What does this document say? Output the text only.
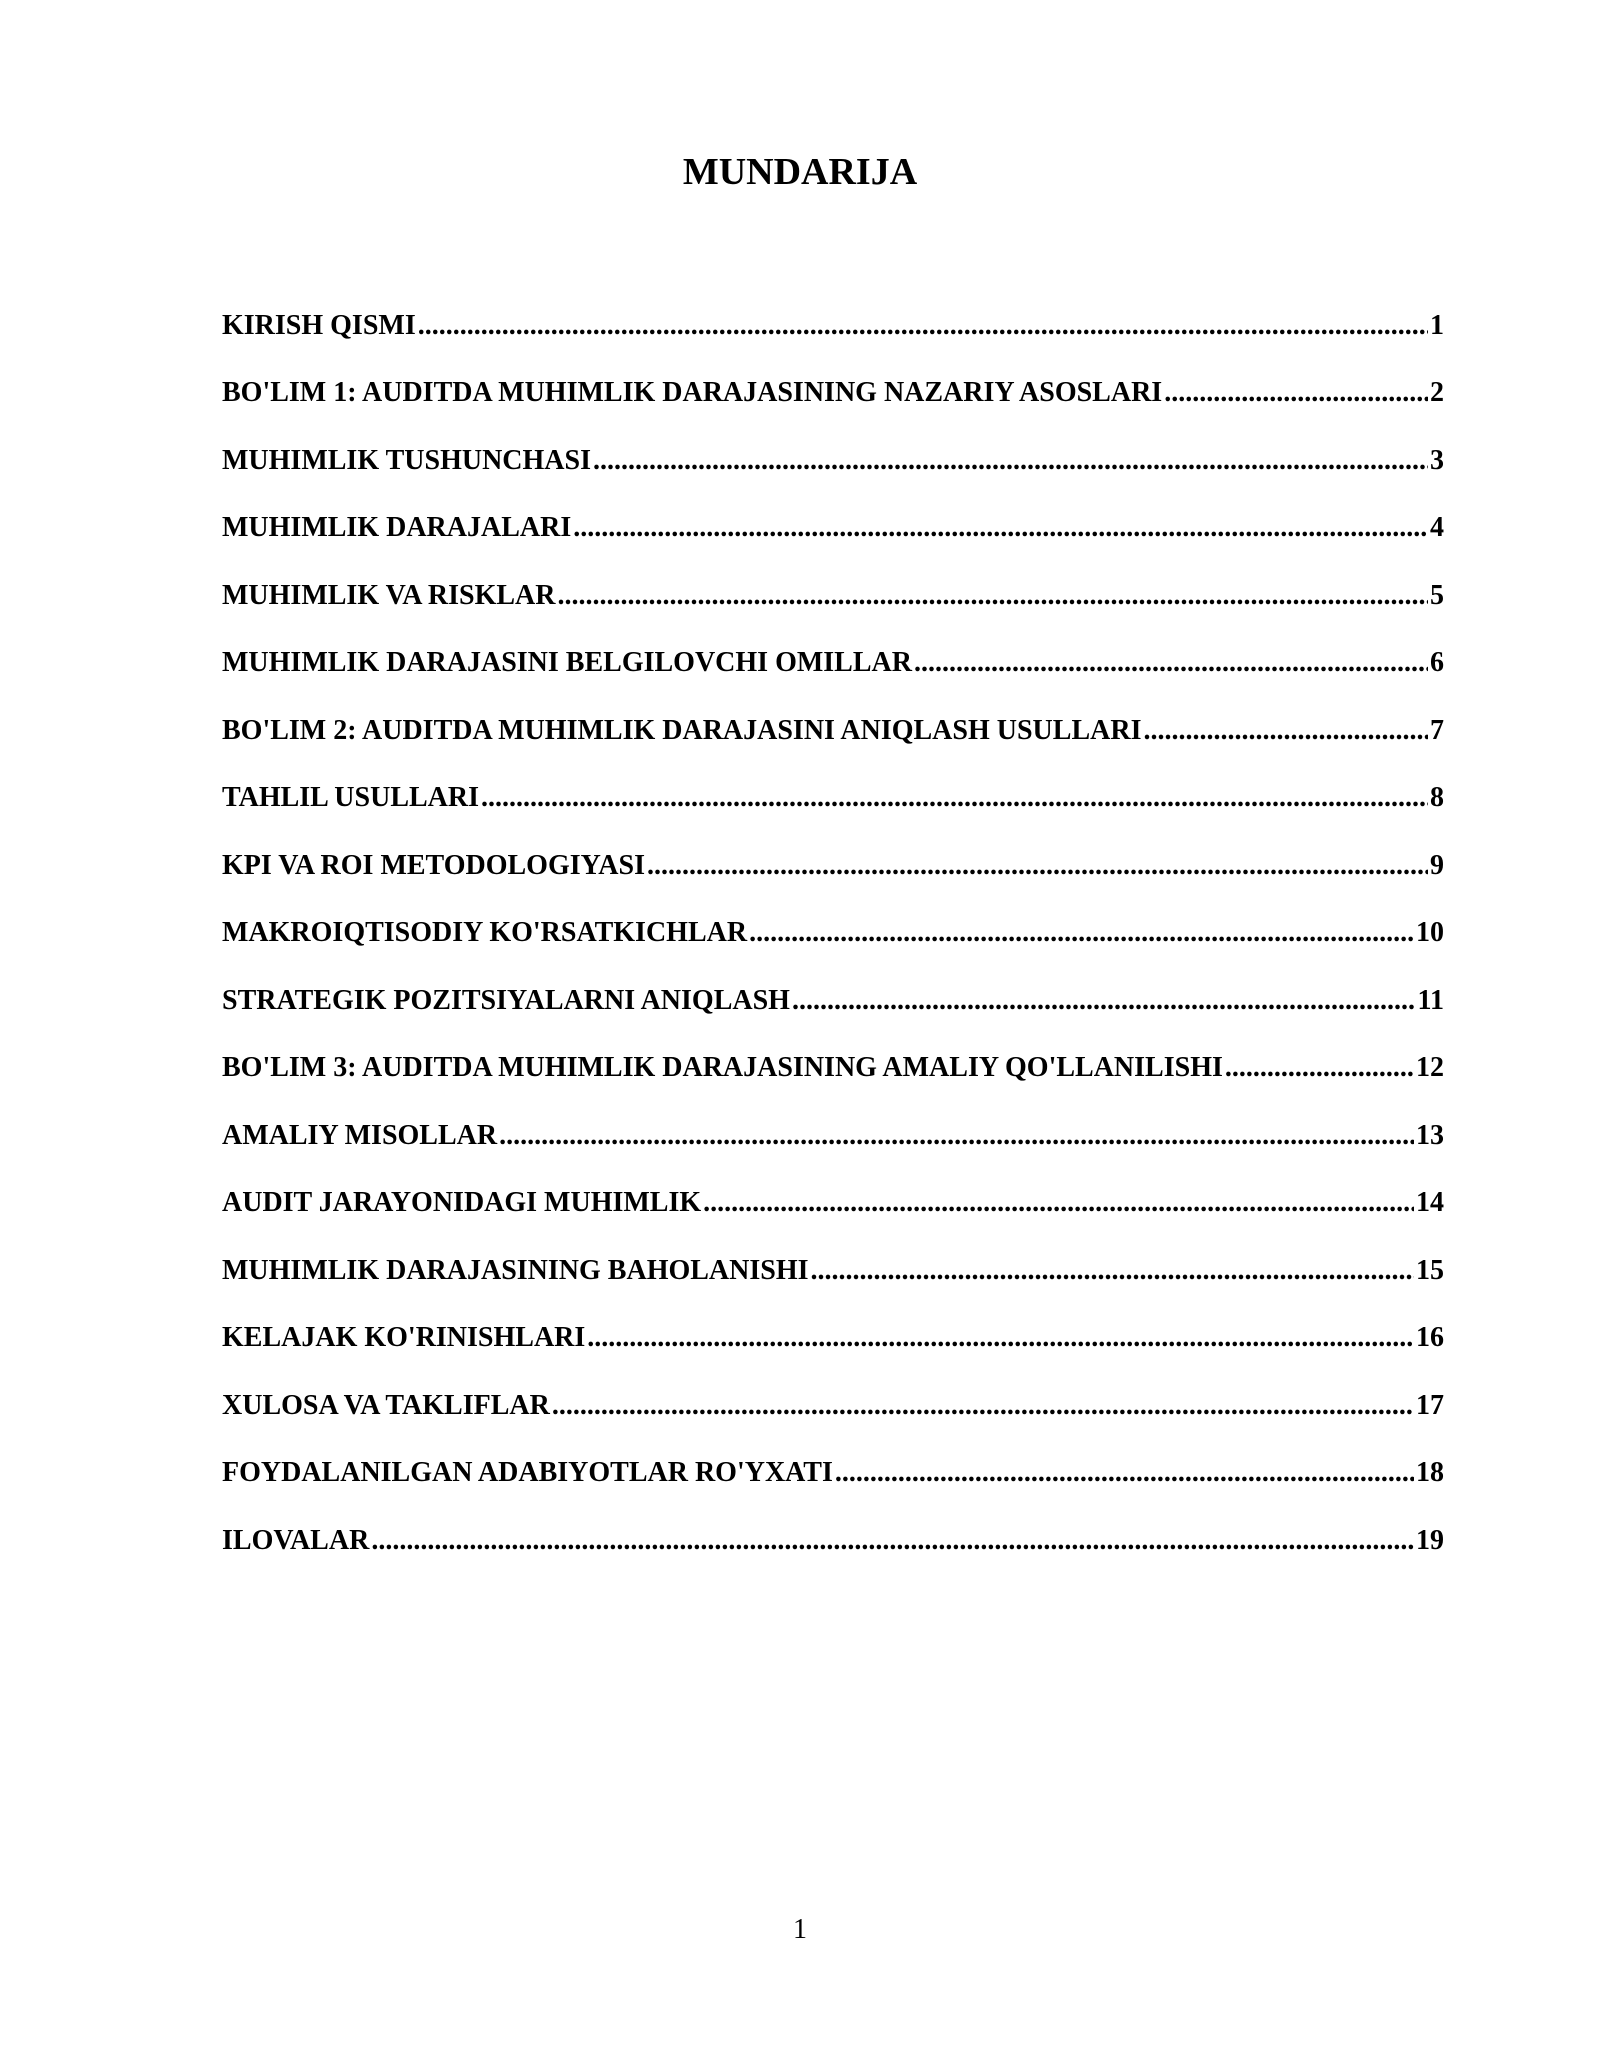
MUNDARIJA
KIRISH QISMI .....	1
BO'LIM 1: AUDITDA MUHIMLIK DARAJASINING NAZARIY ASOSLARI .....	2
MUHIMLIK TUSHUNCHASI .....	3
MUHIMLIK DARAJALARI .....	4
MUHIMLIK VA RISKLAR .....	5
MUHIMLIK DARAJASINI BELGILOVCHI OMILLAR .....	6
BO'LIM 2: AUDITDA MUHIMLIK DARAJASINI ANIQLASH USULLARI .....	7
TAHLIL USULLARI .....	8
KPI VA ROI METODOLOGIYASI .....	9
MAKROIQTISODIY KO'RSATKICHLAR .....	10
STRATEGIK POZITSIYALARNI ANIQLASH .....	11
BO'LIM 3: AUDITDA MUHIMLIK DARAJASINING AMALIY QO'LLANILISHI .....	12
AMALIY MISOLLAR .....	13
AUDIT JARAYONIDAGI MUHIMLIK .....	14
MUHIMLIK DARAJASINING BAHOLANISHI .....	15
KELAJAK KO'RINISHLARI .....	16
XULOSA VA TAKLIFLAR .....	17
FOYDALANILGAN ADABIYOTLAR RO'YXATI .....	18
ILOVALAR .....	19
1
